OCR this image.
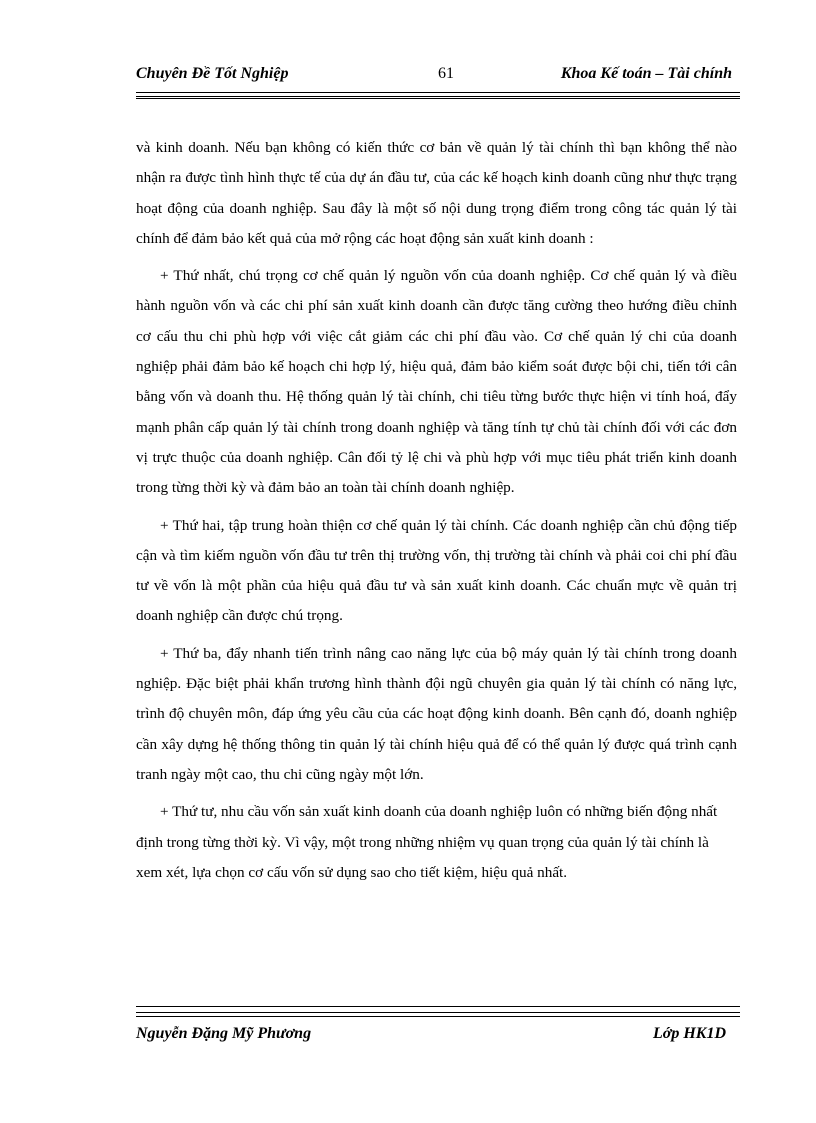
Chuyên Đề Tốt Nghiệp	61	Khoa Kế toán – Tài chính

và kinh doanh. Nếu bạn không có kiến thức cơ bản về quản lý tài chính thì bạn không thể nào nhận ra được tình hình thực tế của dự án đầu tư, của các kế hoạch kinh doanh cũng như thực trạng hoạt động của doanh nghiệp. Sau đây là một số nội dung trọng điểm trong công tác quản lý tài chính để đảm bảo kết quả của mở rộng các hoạt động sản xuất kinh doanh :

+ Thứ nhất, chú trọng cơ chế quản lý nguồn vốn của doanh nghiệp. Cơ chế quản lý và điều hành nguồn vốn và các chi phí sản xuất kinh doanh cần được tăng cường theo hướng điều chỉnh cơ cấu thu chi phù hợp với việc cắt giảm các chi phí đầu vào. Cơ chế quản lý chi của doanh nghiệp phải đảm bảo kế hoạch chi hợp lý, hiệu quả, đảm bảo kiểm soát được bội chi, tiến tới cân bằng vốn và doanh thu. Hệ thống quản lý tài chính, chi tiêu từng bước thực hiện vi tính hoá, đẩy mạnh phân cấp quản lý tài chính trong doanh nghiệp và tăng tính tự chủ tài chính đối với các đơn vị trực thuộc của doanh nghiệp. Cân đối tỷ lệ chi và phù hợp với mục tiêu phát triển kinh doanh trong từng thời kỳ và đảm bảo an toàn tài chính doanh nghiệp.

+ Thứ hai, tập trung hoàn thiện cơ chế quản lý tài chính. Các doanh nghiệp cần chủ động tiếp cận và tìm kiếm nguồn vốn đầu tư trên thị trường vốn, thị trường tài chính và phải coi chi phí đầu tư về vốn là một phần của hiệu quả đầu tư và sản xuất kinh doanh. Các chuẩn mực về quản trị doanh nghiệp cần được chú trọng.

+ Thứ ba, đẩy nhanh tiến trình nâng cao năng lực của bộ máy quản lý tài chính trong doanh nghiệp. Đặc biệt phải khẩn trương hình thành đội ngũ chuyên gia quản lý tài chính có năng lực, trình độ chuyên môn, đáp ứng yêu cầu của các hoạt động kinh doanh. Bên cạnh đó, doanh nghiệp cần xây dựng hệ thống thông tin quản lý tài chính hiệu quả để có thể quản lý được quá trình cạnh tranh ngày một cao, thu chi cũng ngày một lớn.

+ Thứ tư, nhu cầu vốn sản xuất kinh doanh của doanh nghiệp luôn có những biến động nhất định trong từng thời kỳ. Vì vậy, một trong những nhiệm vụ quan trọng của quản lý tài chính là xem xét, lựa chọn cơ cấu vốn sử dụng sao cho tiết kiệm, hiệu quả nhất.

Nguyễn Đặng Mỹ Phương	Lớp HK1D
